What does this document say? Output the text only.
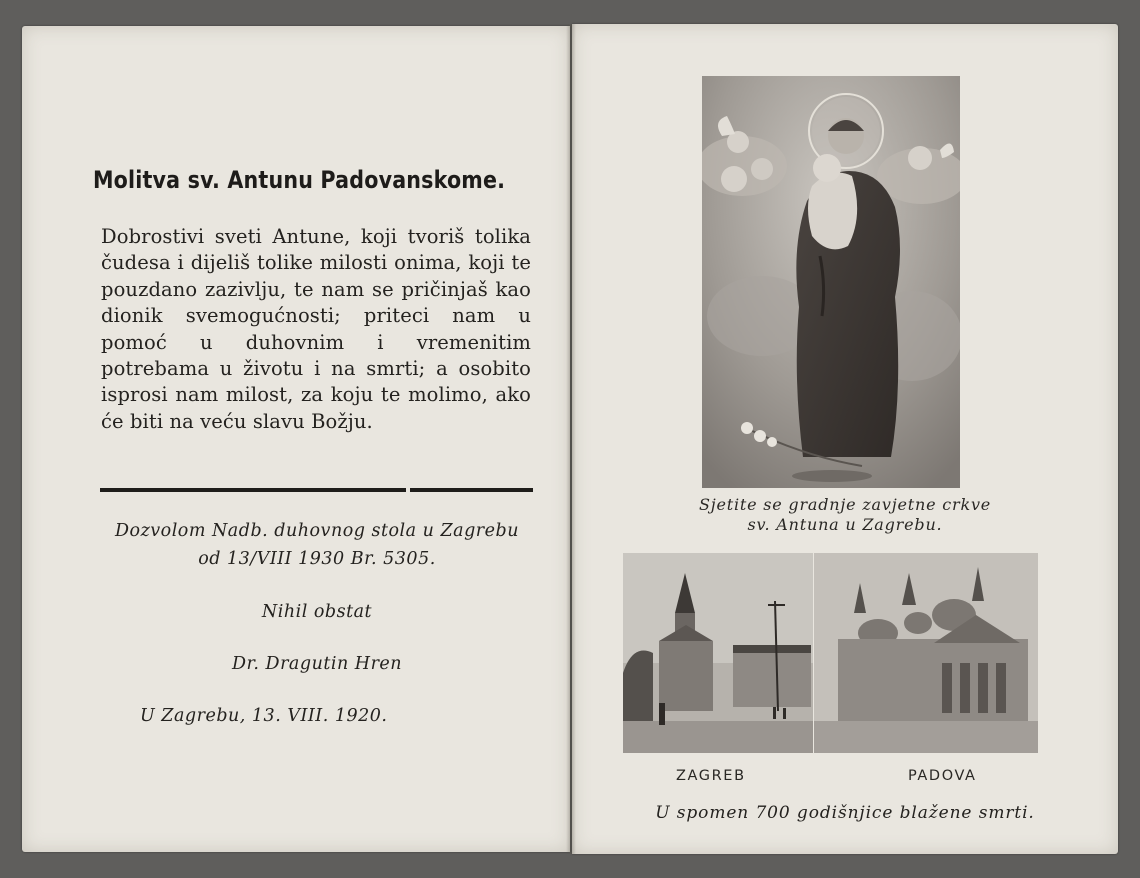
Molitva sv. Antunu Padovanskome.
Dobrostivi sveti Antune, koji tvoriš tolika čudesa i dijeliš tolike milosti onima, koji te pouzdano zazivlju, te nam se pričinjaš kao dionik svemogućnosti; priteci nam u pomoć u duhovnim i vremenitim potrebama u životu i na smrti; a osobito isprosi nam milost, za koju te molimo, ako će biti na veću slavu Božju.
Dozvolom Nadb. duhovnog stola u Zagrebu
od 13/VIII 1930 Br. 5305.
Nihil obstat
Dr. Dragutin Hren
U Zagrebu, 13. VIII. 1920.
Sjetite se gradnje zavjetne crkve
sv. Antuna u Zagrebu.
ZAGREB	PADOVA
U spomen 700 godišnjice blažene smrti.
